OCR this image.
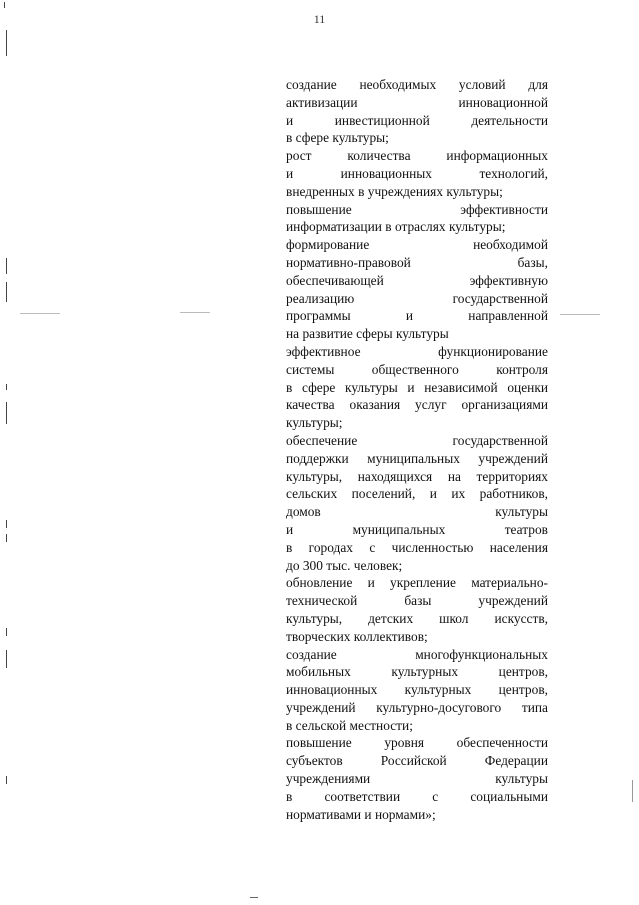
11
создание необходимых условий для
активизации инновационной
и инвестиционной деятельности
в сфере культуры;
рост количества информационных
и инновационных технологий,
внедренных в учреждениях культуры;
повышение эффективности
информатизации в отраслях культуры;
формирование необходимой
нормативно-правовой базы,
обеспечивающей эффективную
реализацию государственной
программы и направленной
на развитие сферы культуры
эффективное функционирование
системы общественного контроля
в сфере культуры и независимой оценки
качества оказания услуг организациями
культуры;
обеспечение государственной
поддержки муниципальных учреждений
культуры, находящихся на территориях
сельских поселений, и их работников,
домов культуры
и муниципальных театров
в городах с численностью населения
до 300 тыс. человек;
обновление и укрепление материально-
технической базы учреждений
культуры, детских школ искусств,
творческих коллективов;
создание многофункциональных
мобильных культурных центров,
инновационных культурных центров,
учреждений культурно-досугового типа
в сельской местности;
повышение уровня обеспеченности
субъектов Российской Федерации
учреждениями культуры
в соответствии с социальными
нормативами и нормами»;
